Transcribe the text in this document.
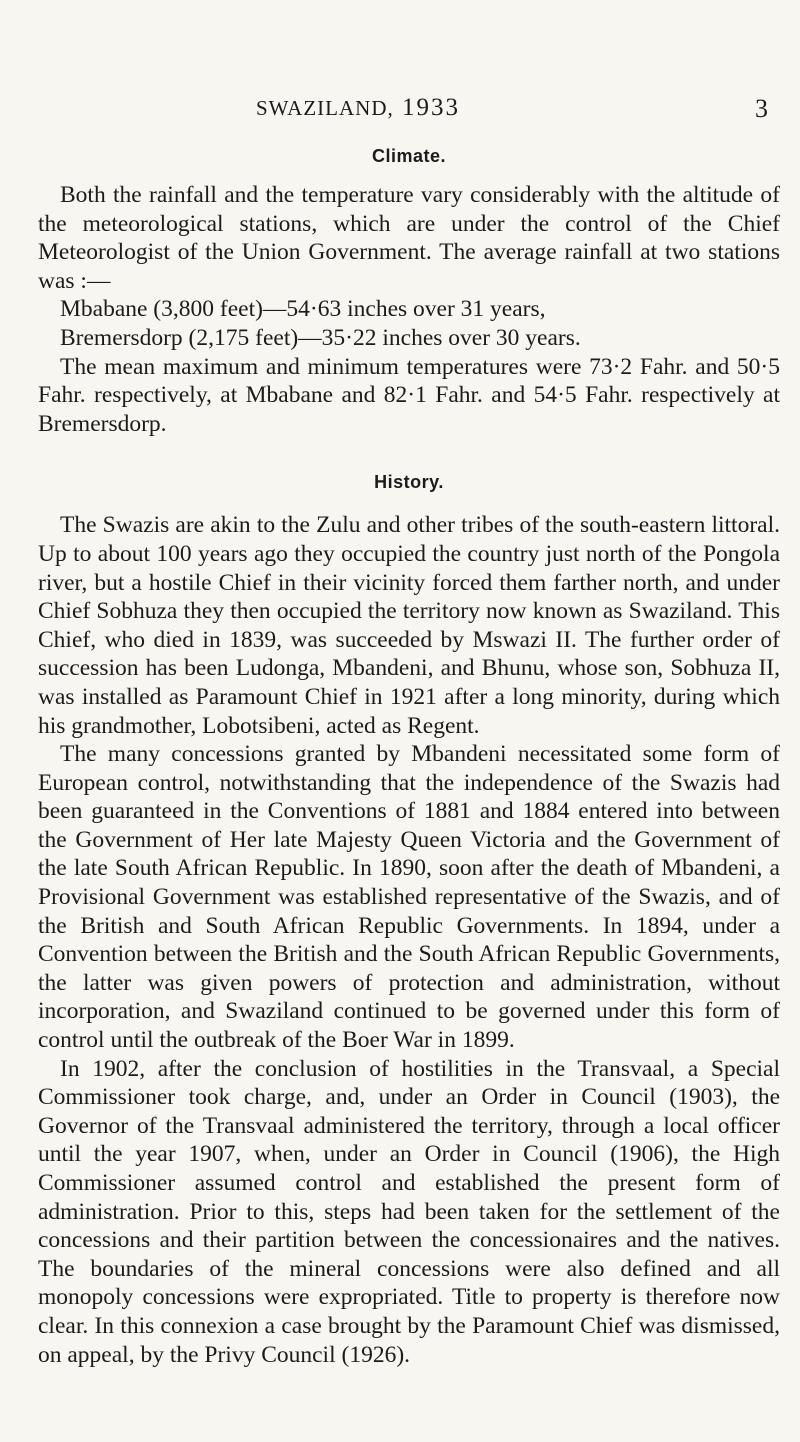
SWAZILAND, 1933	3
Climate.

Both the rainfall and the temperature vary considerably with the altitude of the meteorological stations, which are under the control of the Chief Meteorologist of the Union Government. The average rainfall at two stations was :—

Mbabane (3,800 feet)—54·63 inches over 31 years,

Bremersdorp (2,175 feet)—35·22 inches over 30 years.

The mean maximum and minimum temperatures were 73·2 Fahr. and 50·5 Fahr. respectively, at Mbabane and 82·1 Fahr. and 54·5 Fahr. respectively at Bremersdorp.

History.

The Swazis are akin to the Zulu and other tribes of the south-eastern littoral. Up to about 100 years ago they occupied the country just north of the Pongola river, but a hostile Chief in their vicinity forced them farther north, and under Chief Sobhuza they then occupied the territory now known as Swaziland. This Chief, who died in 1839, was succeeded by Mswazi II. The further order of succession has been Ludonga, Mbandeni, and Bhunu, whose son, Sobhuza II, was installed as Paramount Chief in 1921 after a long minority, during which his grandmother, Lobotsibeni, acted as Regent.

The many concessions granted by Mbandeni necessitated some form of European control, notwithstanding that the independence of the Swazis had been guaranteed in the Conventions of 1881 and 1884 entered into between the Government of Her late Majesty Queen Victoria and the Government of the late South African Republic. In 1890, soon after the death of Mbandeni, a Provisional Government was established representative of the Swazis, and of the British and South African Republic Governments. In 1894, under a Convention between the British and the South African Republic Governments, the latter was given powers of protection and administration, without incorporation, and Swaziland continued to be governed under this form of control until the outbreak of the Boer War in 1899.

In 1902, after the conclusion of hostilities in the Transvaal, a Special Commissioner took charge, and, under an Order in Council (1903), the Governor of the Transvaal administered the territory, through a local officer until the year 1907, when, under an Order in Council (1906), the High Commissioner assumed control and established the present form of administration. Prior to this, steps had been taken for the settlement of the concessions and their partition between the concessionaires and the natives. The boundaries of the mineral concessions were also defined and all monopoly concessions were expropriated. Title to property is therefore now clear. In this connexion a case brought by the Paramount Chief was dismissed, on appeal, by the Privy Council (1926).
